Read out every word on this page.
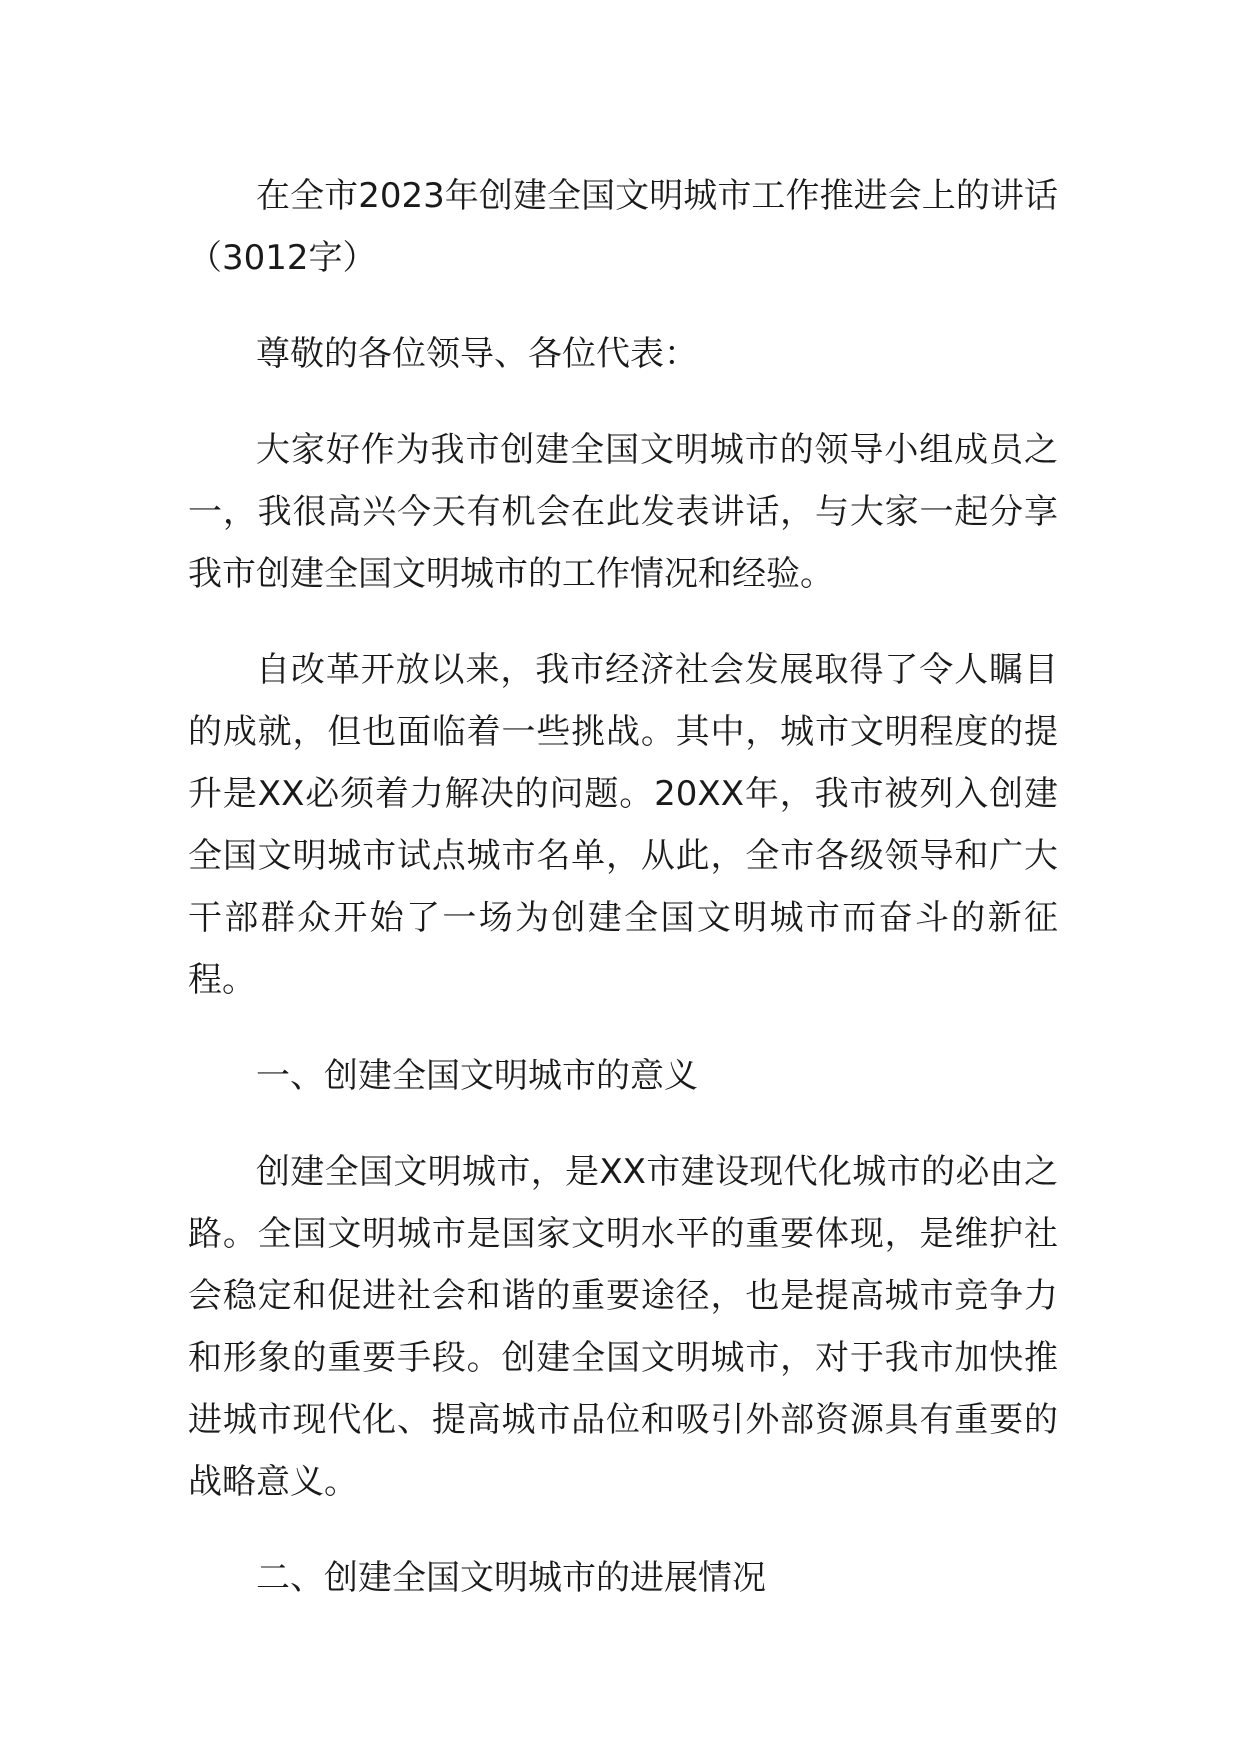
在全市2023年创建全国文明城市工作推进会上的讲话（3012字）

尊敬的各位领导、各位代表：

大家好作为我市创建全国文明城市的领导小组成员之一，我很高兴今天有机会在此发表讲话，与大家一起分享我市创建全国文明城市的工作情况和经验。

自改革开放以来，我市经济社会发展取得了令人瞩目的成就，但也面临着一些挑战。其中，城市文明程度的提升是XX必须着力解决的问题。20XX年，我市被列入创建全国文明城市试点城市名单，从此，全市各级领导和广大干部群众开始了一场为创建全国文明城市而奋斗的新征程。

一、创建全国文明城市的意义

创建全国文明城市，是XX市建设现代化城市的必由之路。全国文明城市是国家文明水平的重要体现，是维护社会稳定和促进社会和谐的重要途径，也是提高城市竞争力和形象的重要手段。创建全国文明城市，对于我市加快推进城市现代化、提高城市品位和吸引外部资源具有重要的战略意义。

二、创建全国文明城市的进展情况
